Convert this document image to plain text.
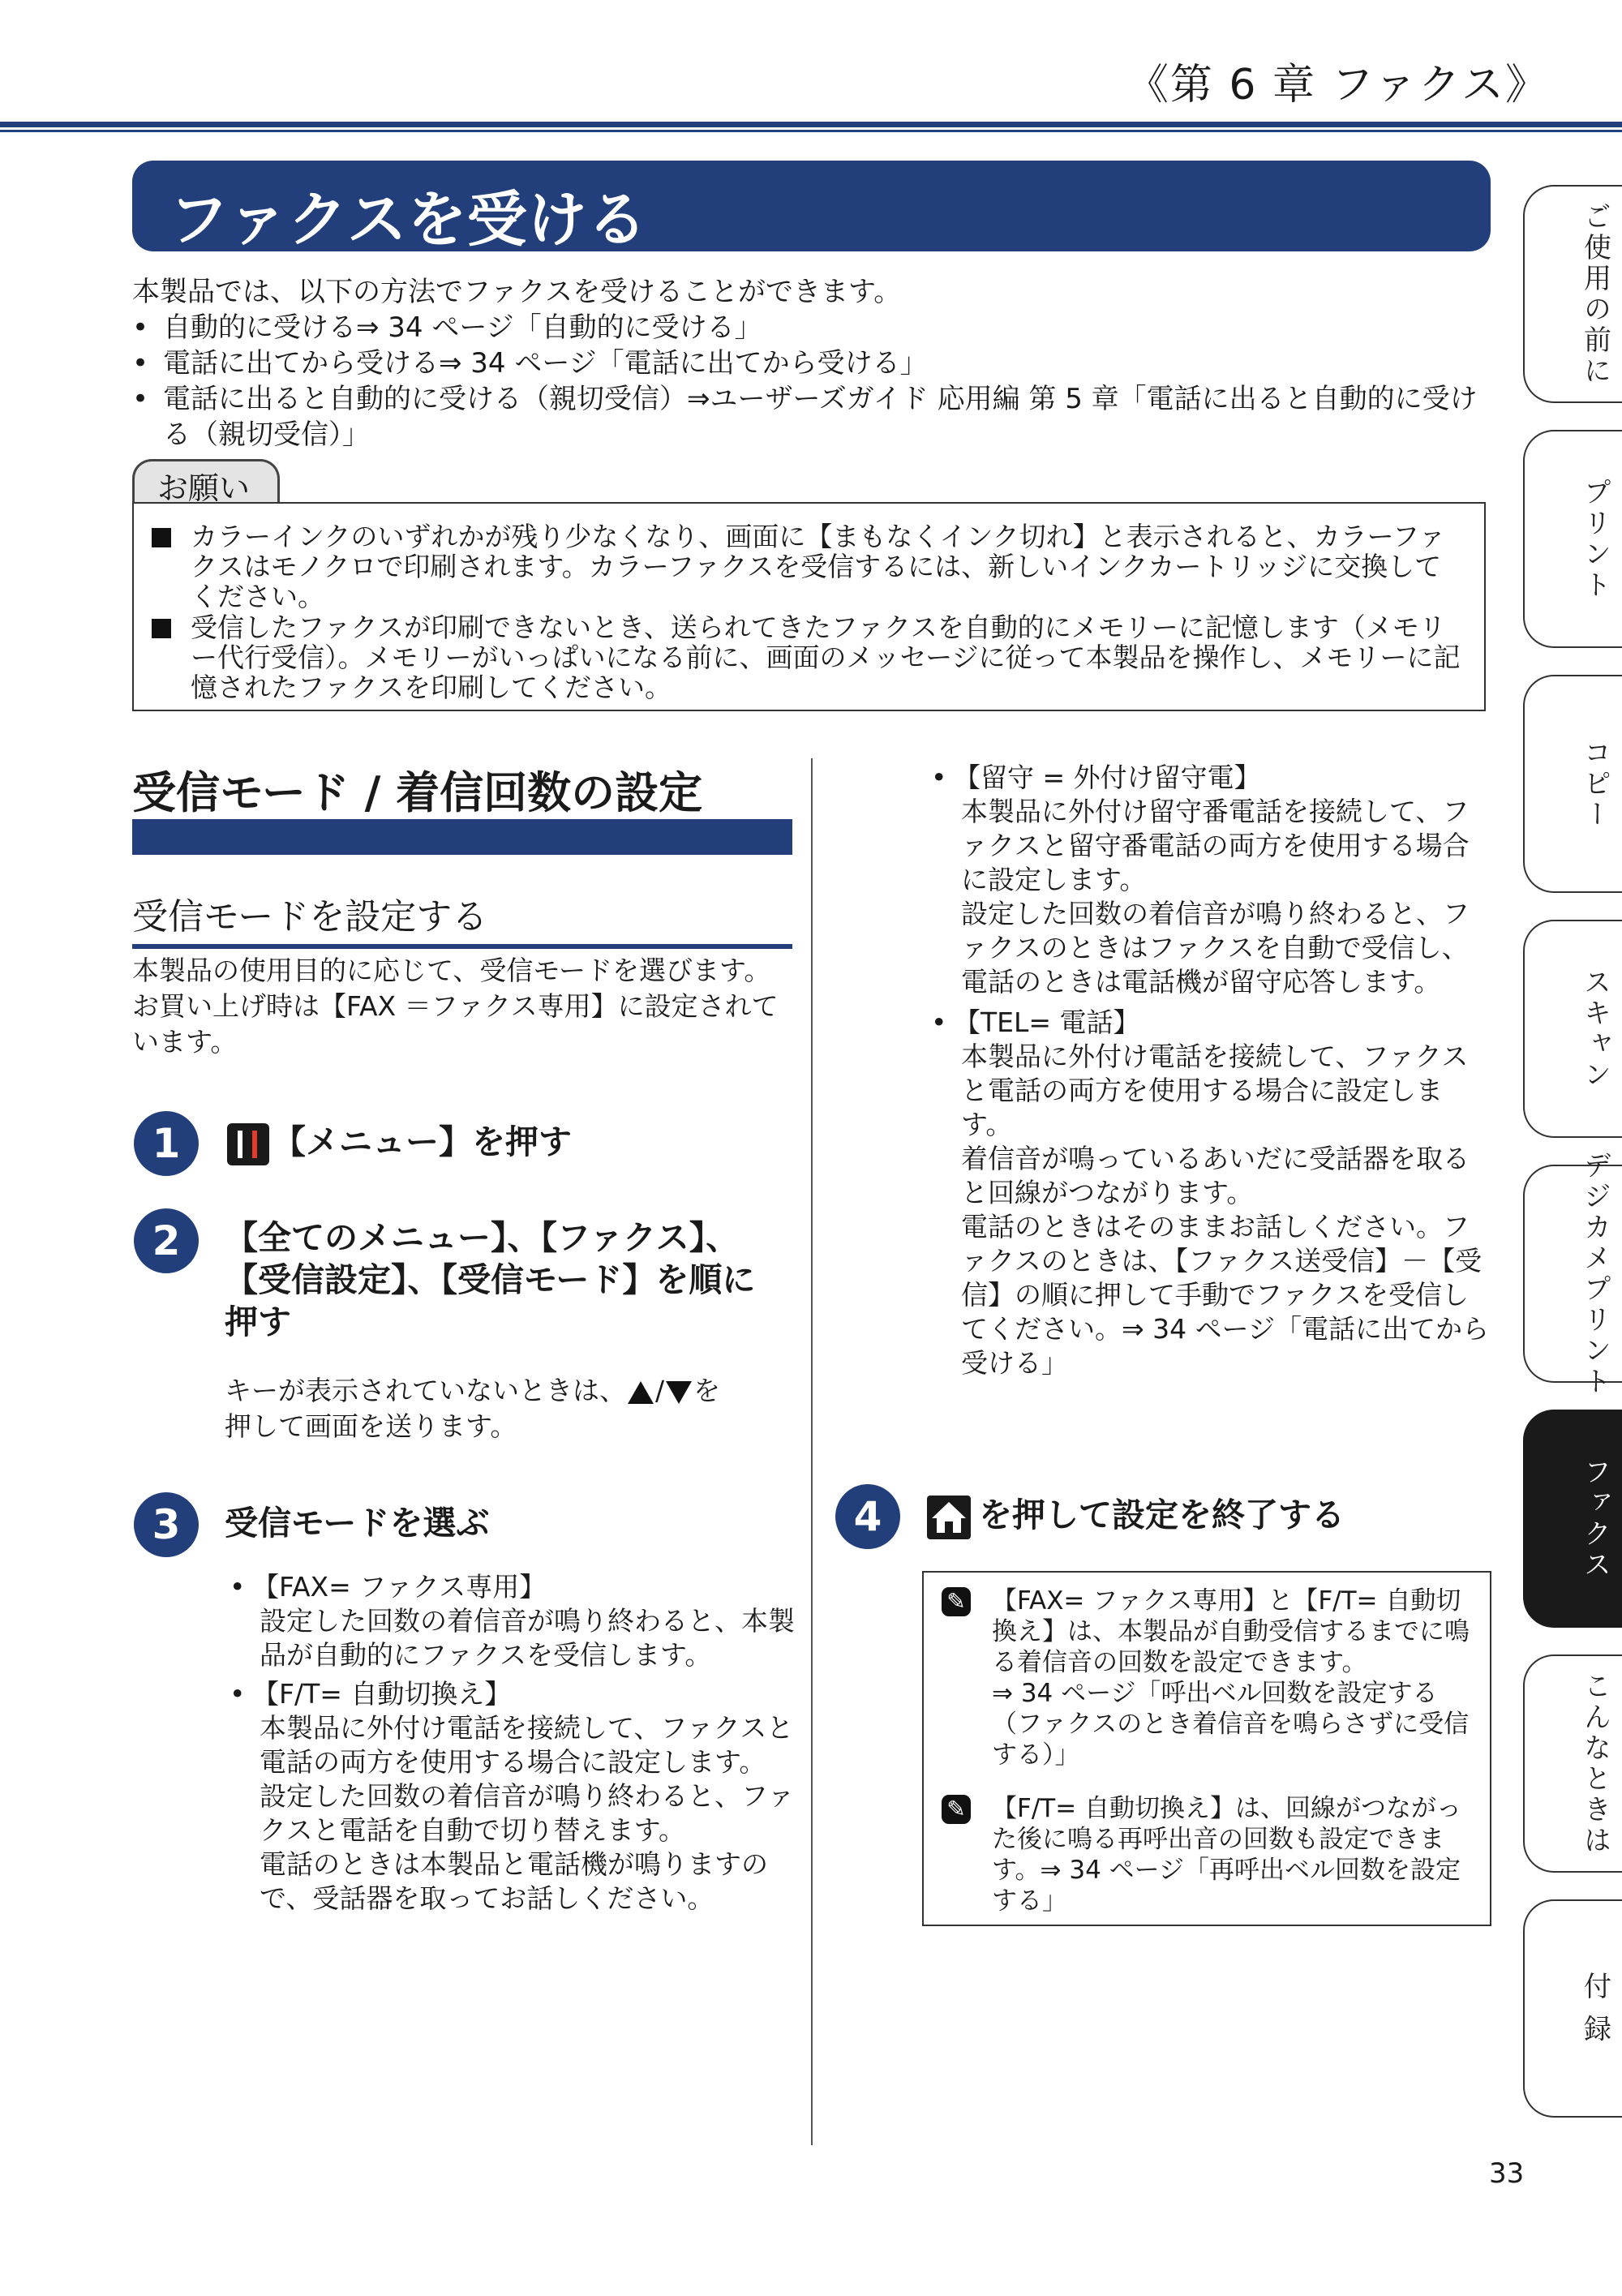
《第 6 章 ファクス》
ファクスを受ける
本製品では、以下の方法でファクスを受けることができます。
• 自動的に受ける⇒ 34 ページ「自動的に受ける」
• 電話に出てから受ける⇒ 34 ページ「電話に出てから受ける」
• 電話に出ると自動的に受ける（親切受信）⇒ユーザーズガイド 応用編 第 5 章「電話に出ると自動的に受ける（親切受信）」
お願い
カラーインクのいずれかが残り少なくなり、画面に【まもなくインク切れ】と表示されると、カラーファクスはモノクロで印刷されます。カラーファクスを受信するには、新しいインクカートリッジに交換してください。
受信したファクスが印刷できないとき、送られてきたファクスを自動的にメモリーに記憶します（メモリー代行受信）。メモリーがいっぱいになる前に、画面のメッセージに従って本製品を操作し、メモリーに記憶されたファクスを印刷してください。
受信モード / 着信回数の設定
受信モードを設定する
本製品の使用目的に応じて、受信モードを選びます。お買い上げ時は【FAX ＝ファクス専用】に設定されています。
1	【メニュー】を押す
2	【全てのメニュー】、【ファクス】、
【受信設定】、【受信モード】を順に
押す
キーが表示されていないときは、 / を
押して画面を送ります。
3	受信モードを選ぶ
• 【FAX= ファクス専用】
設定した回数の着信音が鳴り終わると、本製品が自動的にファクスを受信します。
• 【F/T= 自動切換え】
本製品に外付け電話を接続して、ファクスと電話の両方を使用する場合に設定します。
設定した回数の着信音が鳴り終わると、ファクスと電話を自動で切り替えます。
電話のときは本製品と電話機が鳴りますので、受話器を取ってお話しください。
• 【留守 = 外付け留守電】
本製品に外付け留守番電話を接続して、ファクスと留守番電話の両方を使用する場合に設定します。
設定した回数の着信音が鳴り終わると、ファクスのときはファクスを自動で受信し、電話のときは電話機が留守応答します。
• 【TEL= 電話】
本製品に外付け電話を接続して、ファクスと電話の両方を使用する場合に設定します。
着信音が鳴っているあいだに受話器を取ると回線がつながります。
電話のときはそのままお話しください。ファクスのときは、【ファクス送受信】－【受信】の順に押して手動でファクスを受信してください。⇒ 34 ページ「電話に出てから受ける」
4	を押して設定を終了する
✎ 【FAX= ファクス専用】と【F/T= 自動切換え】は、本製品が自動受信するまでに鳴る着信音の回数を設定できます。
⇒ 34 ページ「呼出ベル回数を設定する（ファクスのとき着信音を鳴らさずに受信する）」
✎ 【F/T= 自動切換え】は、回線がつながった後に鳴る再呼出音の回数も設定できます。⇒ 34 ページ「再呼出ベル回数を設定する」
ご使用の前に
プリント
コピー
スキャン
デジカメプリント
ファクス
こんなときは
付 録
33
